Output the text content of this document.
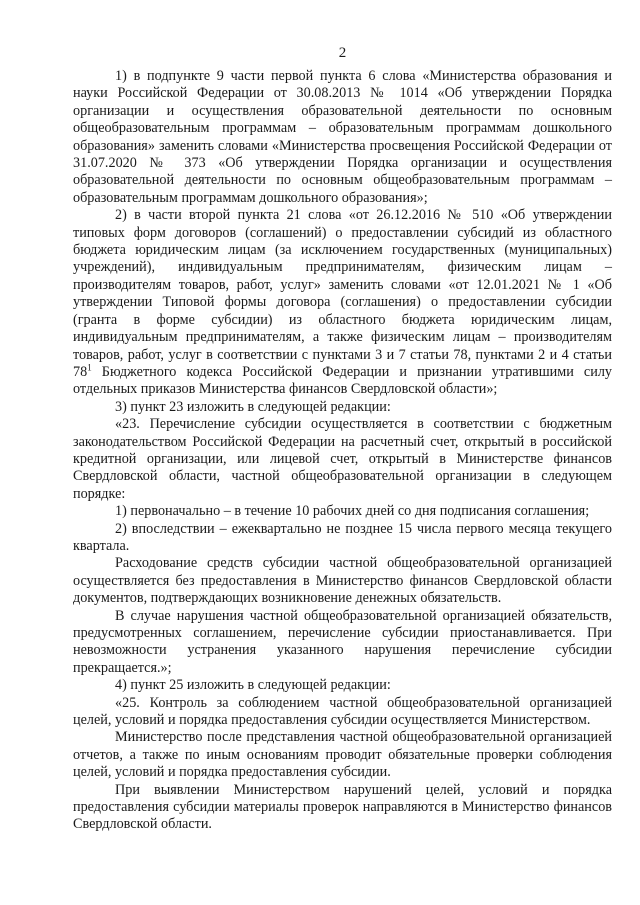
2

1) в подпункте 9 части первой пункта 6 слова «Министерства образования и науки Российской Федерации от 30.08.2013 № 1014 «Об утверждении Порядка организации и осуществления образовательной деятельности по основным общеобразовательным программам – образовательным программам дошкольного образования» заменить словами «Министерства просвещения Российской Федерации от 31.07.2020 № 373 «Об утверждении Порядка организации и осуществления образовательной деятельности по основным общеобразовательным программам – образовательным программам дошкольного образования»;

2) в части второй пункта 21 слова «от 26.12.2016 № 510 «Об утверждении типовых форм договоров (соглашений) о предоставлении субсидий из областного бюджета юридическим лицам (за исключением государственных (муниципальных) учреждений), индивидуальным предпринимателям, физическим лицам – производителям товаров, работ, услуг» заменить словами «от 12.01.2021 № 1 «Об утверждении Типовой формы договора (соглашения) о предоставлении субсидии (гранта в форме субсидии) из областного бюджета юридическим лицам, индивидуальным предпринимателям, а также физическим лицам – производителям товаров, работ, услуг в соответствии с пунктами 3 и 7 статьи 78, пунктами 2 и 4 статьи $78^1$ Бюджетного кодекса Российской Федерации и признании утратившими силу отдельных приказов Министерства финансов Свердловской области»;

3) пункт 23 изложить в следующей редакции:

«23. Перечисление субсидии осуществляется в соответствии с бюджетным законодательством Российской Федерации на расчетный счет, открытый в российской кредитной организации, или лицевой счет, открытый в Министерстве финансов Свердловской области, частной общеобразовательной организации в следующем порядке:

1) первоначально – в течение 10 рабочих дней со дня подписания соглашения;

2) впоследствии – ежеквартально не позднее 15 числа первого месяца текущего квартала.

Расходование средств субсидии частной общеобразовательной организацией осуществляется без предоставления в Министерство финансов Свердловской области документов, подтверждающих возникновение денежных обязательств.

В случае нарушения частной общеобразовательной организацией обязательств, предусмотренных соглашением, перечисление субсидии приостанавливается. При невозможности устранения указанного нарушения перечисление субсидии прекращается.»;

4) пункт 25 изложить в следующей редакции:

«25. Контроль за соблюдением частной общеобразовательной организацией целей, условий и порядка предоставления субсидии осуществляется Министерством.

Министерство после представления частной общеобразовательной организацией отчетов, а также по иным основаниям проводит обязательные проверки соблюдения целей, условий и порядка предоставления субсидии.

При выявлении Министерством нарушений целей, условий и порядка предоставления субсидии материалы проверок направляются в Министерство финансов Свердловской области.
